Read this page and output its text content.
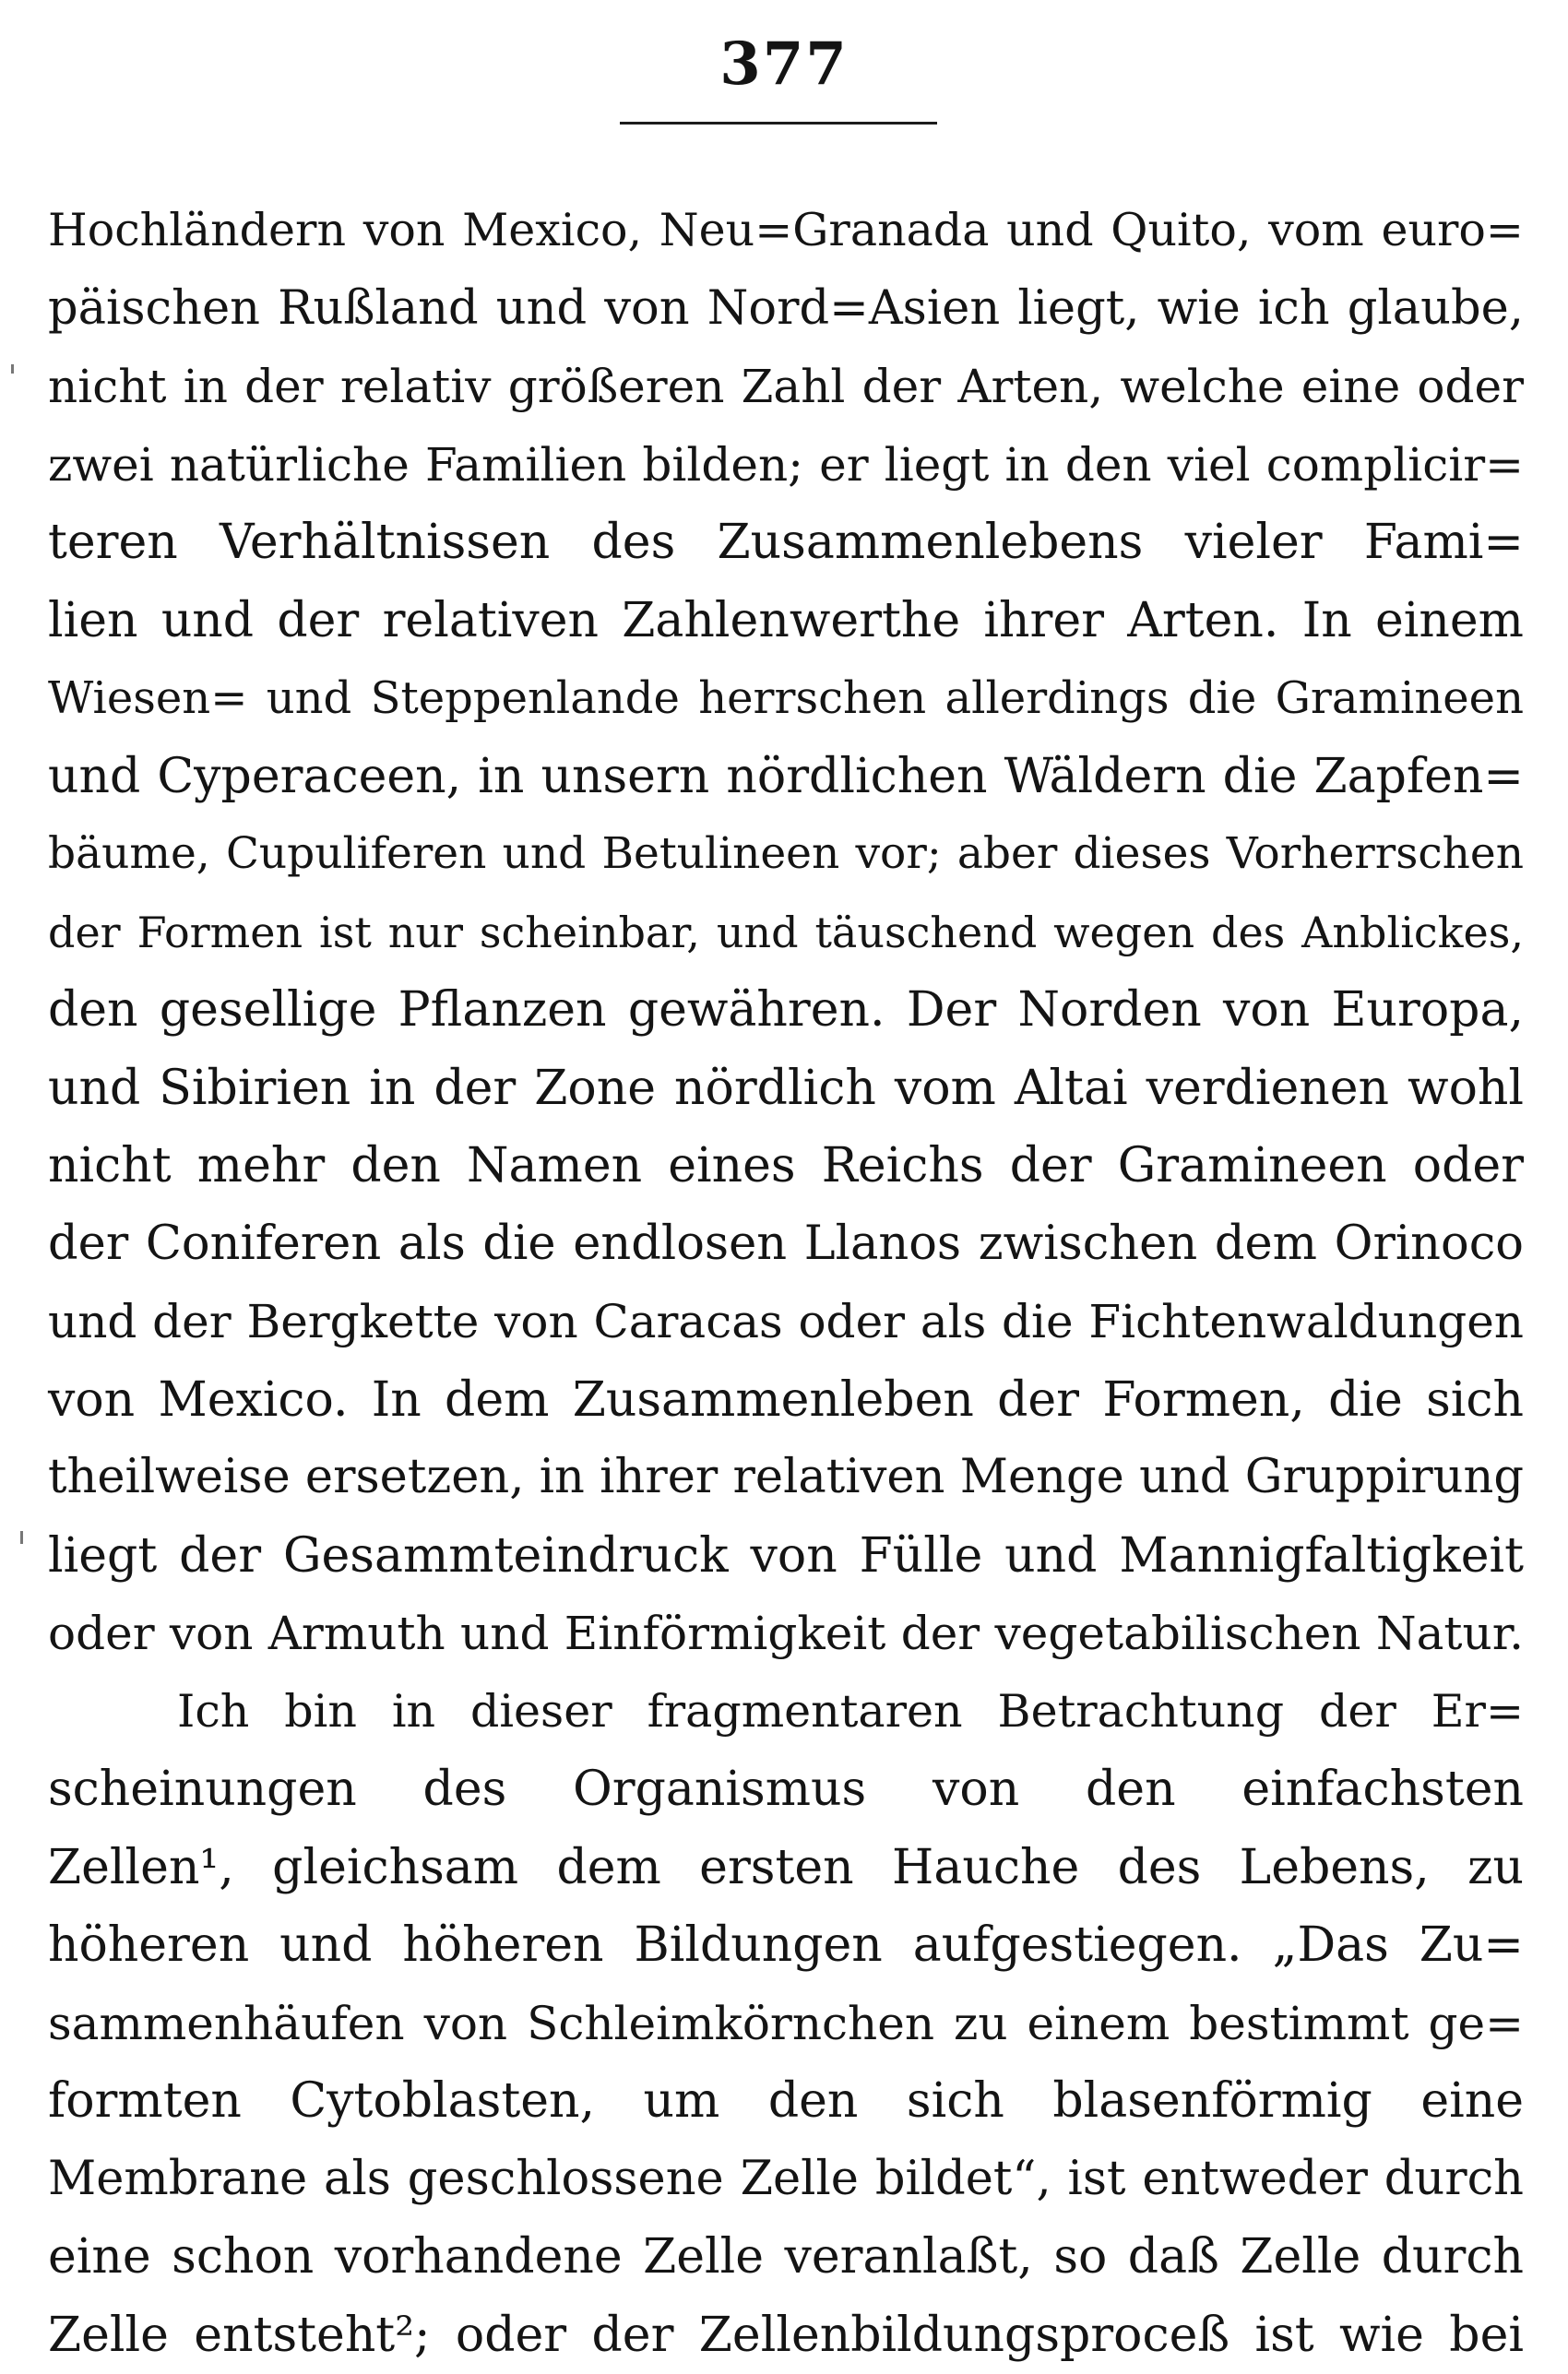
377
Hochländern von Mexico, Neu=Granada und Quito, vom euro=
päischen Rußland und von Nord=Asien liegt, wie ich glaube,
nicht in der relativ größeren Zahl der Arten, welche eine oder
zwei natürliche Familien bilden; er liegt in den viel complicir=
teren Verhältnissen des Zusammenlebens vieler Fami=
lien und der relativen Zahlenwerthe ihrer Arten. In einem
Wiesen= und Steppenlande herrschen allerdings die Gramineen
und Cyperaceen, in unsern nördlichen Wäldern die Zapfen=
bäume, Cupuliferen und Betulineen vor; aber dieses Vorherrschen
der Formen ist nur scheinbar, und täuschend wegen des Anblickes,
den gesellige Pflanzen gewähren. Der Norden von Europa,
und Sibirien in der Zone nördlich vom Altai verdienen wohl
nicht mehr den Namen eines Reichs der Gramineen oder
der Coniferen als die endlosen Llanos zwischen dem Orinoco
und der Bergkette von Caracas oder als die Fichtenwaldungen
von Mexico. In dem Zusammenleben der Formen, die sich
theilweise ersetzen, in ihrer relativen Menge und Gruppirung
liegt der Gesammteindruck von Fülle und Mannigfaltigkeit
oder von Armuth und Einförmigkeit der vegetabilischen Natur.
Ich bin in dieser fragmentaren Betrachtung der Er=
scheinungen des Organismus von den einfachsten
Zellen¹, gleichsam dem ersten Hauche des Lebens, zu
höheren und höheren Bildungen aufgestiegen. „Das Zu=
sammenhäufen von Schleimkörnchen zu einem bestimmt ge=
formten Cytoblasten, um den sich blasenförmig eine
Membrane als geschlossene Zelle bildet“, ist entweder durch
eine schon vorhandene Zelle veranlaßt, so daß Zelle durch
Zelle entsteht²; oder der Zellenbildungsproceß ist wie bei
